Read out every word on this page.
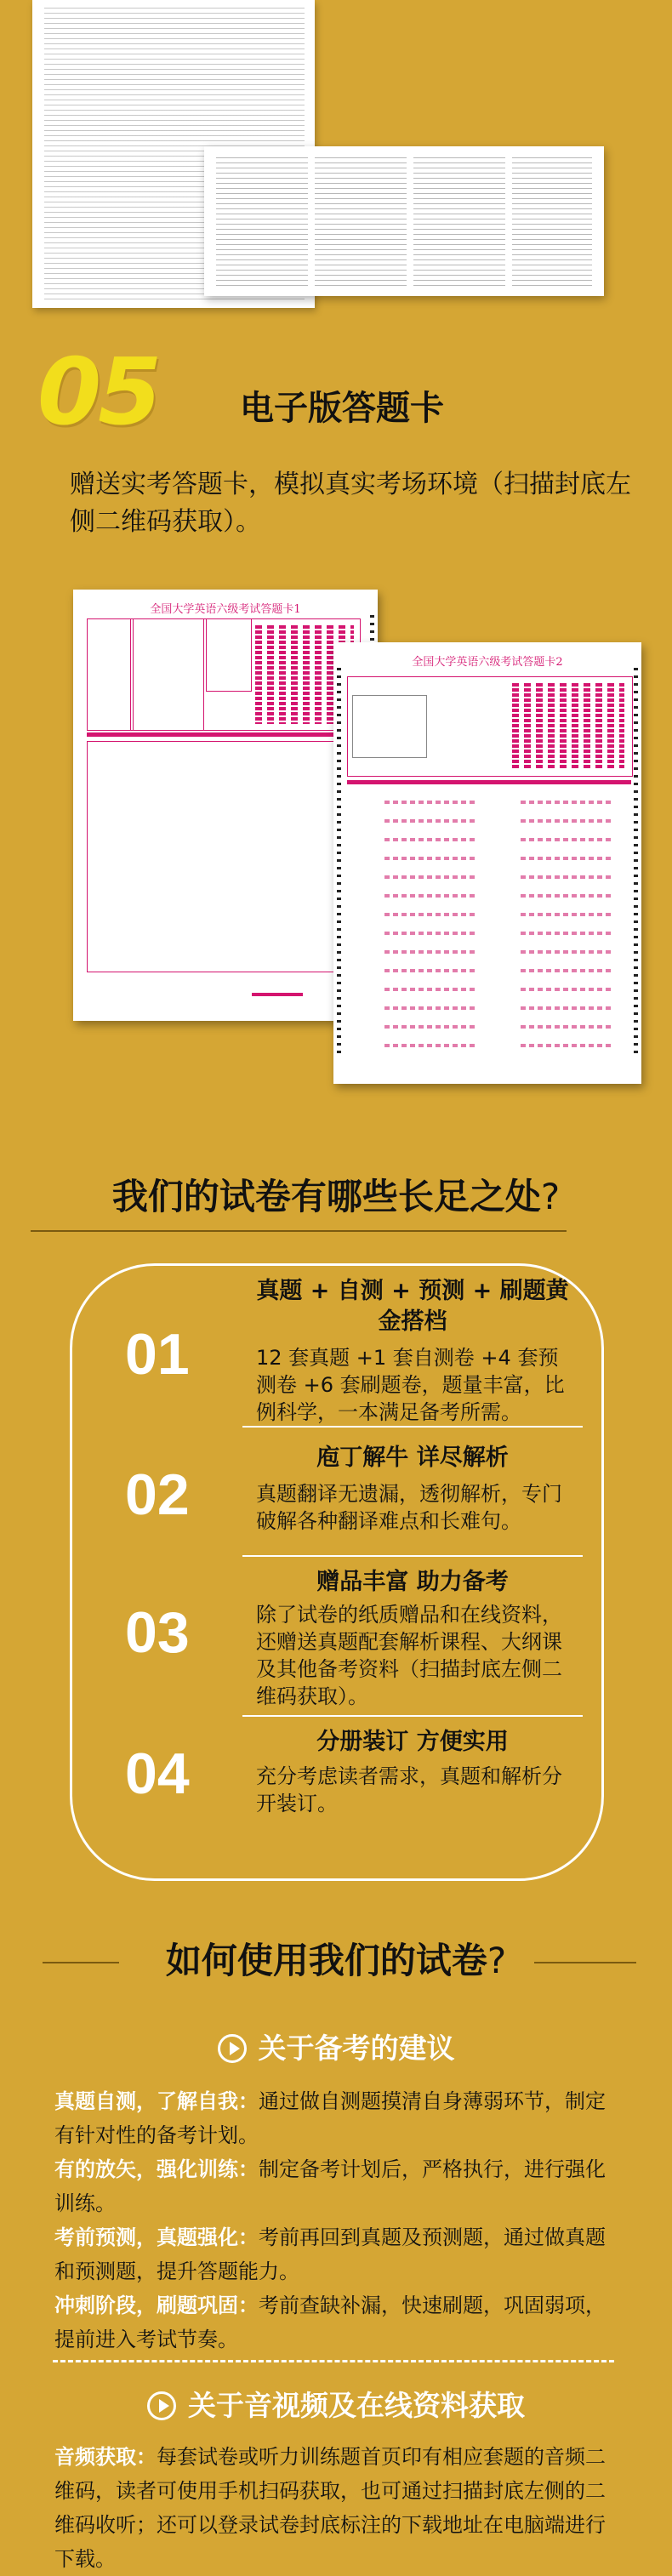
05 电子版答题卡
赠送实考答题卡，模拟真实考场环境（扫描封底左侧二维码获取）。
全国大学英语六级考试答题卡1
全国大学英语六级考试答题卡2
我们的试卷有哪些长足之处?
01
真题 + 自测 + 预测 + 刷题黄金搭档
12 套真题 +1 套自测卷 +4 套预测卷 +6 套刷题卷，题量丰富，比例科学，一本满足备考所需。
02
庖丁解牛 详尽解析
真题翻译无遗漏，透彻解析，专门破解各种翻译难点和长难句。
03
赠品丰富 助力备考
除了试卷的纸质赠品和在线资料，还赠送真题配套解析课程、大纲课及其他备考资料（扫描封底左侧二维码获取）。
04	分册装订 方便实用
充分考虑读者需求，真题和解析分开装订。
如何使用我们的试卷?
关于备考的建议
真题自测，了解自我：通过做自测题摸清自身薄弱环节，制定有针对性的备考计划。
有的放矢，强化训练：制定备考计划后，严格执行，进行强化训练。
考前预测，真题强化：考前再回到真题及预测题，通过做真题和预测题，提升答题能力。
冲刺阶段，刷题巩固：考前查缺补漏，快速刷题，巩固弱项，提前进入考试节奏。
关于音视频及在线资料获取
音频获取：每套试卷或听力训练题首页印有相应套题的音频二维码，读者可使用手机扫码获取，也可通过扫描封底左侧的二维码收听；还可以登录试卷封底标注的下载地址在电脑端进行下载。
